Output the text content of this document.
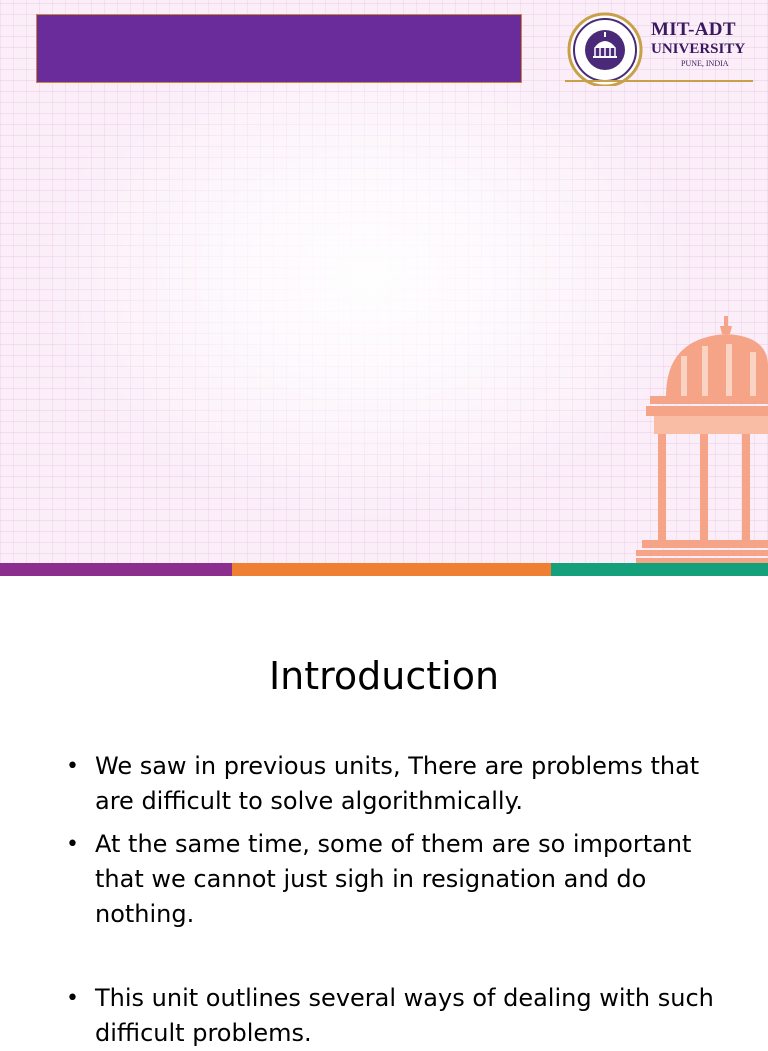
MIT-ADT
UNIVERSITY
PUNE, INDIA
Introduction
• We saw in previous units, There are problems that are difficult to solve algorithmically.
• At the same time, some of them are so important that we cannot just sigh in resignation and do nothing.
• This unit outlines several ways of dealing with such difficult problems.
